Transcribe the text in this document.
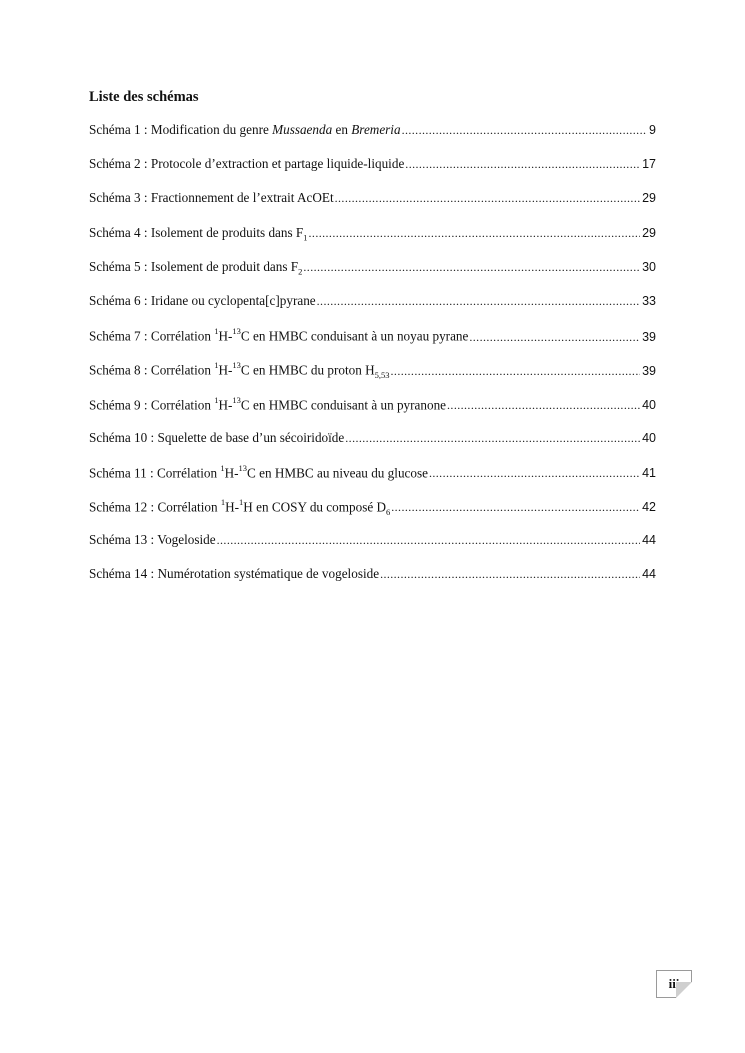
Liste des schémas
Schéma 1 : Modification du genre Mussaenda en Bremeria .....	9
Schéma 2 : Protocole d’extraction et partage liquide-liquide .....	17
Schéma 3 : Fractionnement de l’extrait AcOEt .....	29
Schéma 4 : Isolement de produits dans $F_1$ .....	29
Schéma 5 : Isolement de produit dans $F_2$ .....	30
Schéma 6 : Iridane ou cyclopenta[c]pyrane .....	33
Schéma 7 : Corrélation $^1$H-$^{13}$C en HMBC conduisant à un noyau pyrane .....	39
Schéma 8 : Corrélation $^1$H-$^{13}$C en HMBC du proton $H_{5,53}$ .....	39
Schéma 9 : Corrélation $^1$H-$^{13}$C en HMBC conduisant à un pyranone .....	40
Schéma 10 : Squelette de base d’un sécoiridoïde .....	40
Schéma 11 : Corrélation $^1$H-$^{13}$C en HMBC au niveau du glucose .....	41
Schéma 12 : Corrélation $^1$H-$^1$H en COSY du composé $D_6$ .....	42
Schéma 13 : Vogeloside .....	44
Schéma 14 : Numérotation systématique de vogeloside .....	44
iii
